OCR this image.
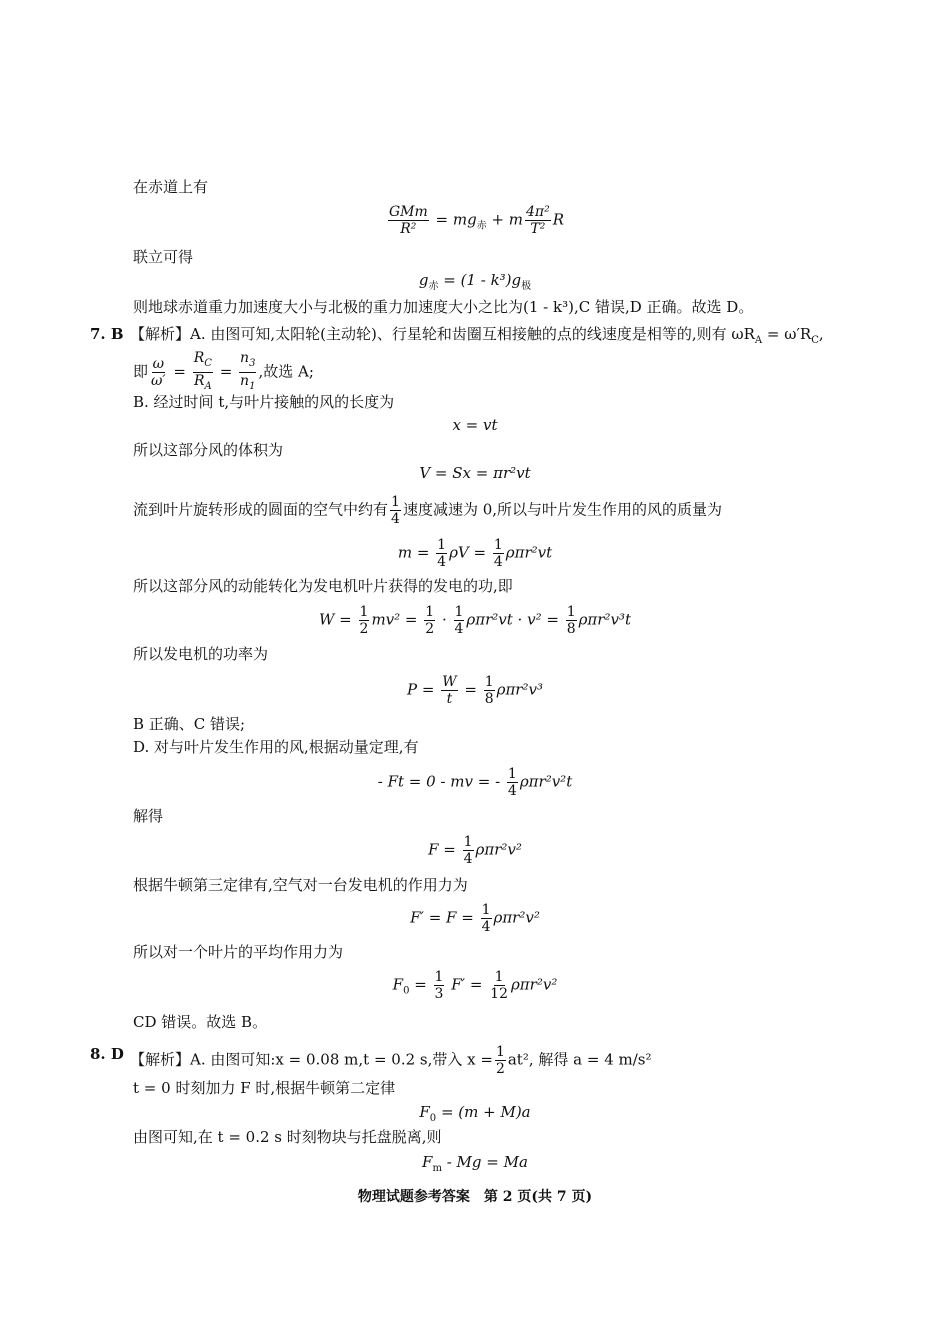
在赤道上有
$\frac{\text{GMm}}{\text{R²}} = mg_赤 + m \frac{\text{4π²}}{\text{T²}}$ R
联立可得
$g_赤 = (1 - k^3)g_极$
则地球赤道重力加速度大小与北极的重力加速度大小之比为(1 - k³),C 错误,D 正确。故选 D。
7. B 【解析】A. 由图可知,太阳轮(主动轮)、行星轮和齿圈互相接触的点的线速度是相等的,则有 $\omega R_A = \omega'R_C$,
即 $\frac{\omega}{\omega'} = \frac{R_C}{R_A} = \frac{n_3}{n_1}$ ,故选 A;
B. 经过时间 t,与叶片接触的风的长度为
x = vt
所以这部分风的体积为
V = Sx = πr²vt
流到叶片旋转形成的圆面的空气中约有 $\frac{1}{4}$ 速度减速为 0,所以与叶片发生作用的风的质量为
$m = \frac{1}{4}$ $\rho V = \frac{1}{4} \rho\pi r^2vt$
所以这部分风的动能转化为发电机叶片获得的发电的功,即
$W = \frac{1}{2} mv^2 = \frac{1}{2} \cdot \frac{1}{4} \rho\pi r^2vt \cdot v^2 = \frac{1}{8} \rho\pi r^2v^3t$
所以发电机的功率为
$P = \frac{W}{t} = \frac{1}{8} \rho\pi r^2v^3$
B 正确、C 错误;
D. 对与叶片发生作用的风,根据动量定理,有
- Ft = 0 - mv = - $\frac{1}{4} \rho\pi r^2v^2t$
解得
$F = \frac{1}{4} \rho\pi r^2v^2$
根据牛顿第三定律有,空气对一台发电机的作用力为
$F' = F = \frac{1}{4} \rho\pi r^2v^2$
所以对一个叶片的平均作用力为
$F_0 = \frac{1}{3} F' = \frac{1}{12} \rho\pi r^2v^2$
CD 错误。故选 B。
8. D 【解析】A. 由图可知:x = 0.08 m,t = 0.2 s,带入 $x = \frac{1}{2} at^2$, 解得 a = 4 m/s²
t = 0 时刻加力 F 时,根据牛顿第二定律
$F_0 = (m + M)a$
由图可知,在 t = 0.2 s 时刻物块与托盘脱离,则
$F_m - Mg = Ma$
物理试题参考答案　第 2 页(共 7 页)
